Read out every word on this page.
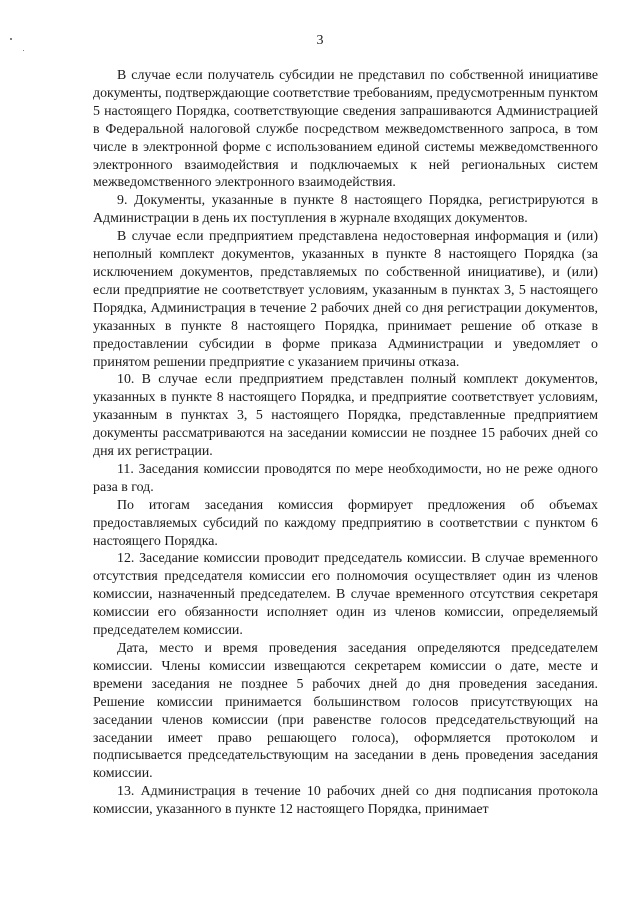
3

В случае если получатель субсидии не представил по собственной инициативе документы, подтверждающие соответствие требованиям, предусмотренным пунктом 5 настоящего Порядка, соответствующие сведения запрашиваются Администрацией в Федеральной налоговой службе посредством межведомственного запроса, в том числе в электронной форме с использованием единой системы межведомственного электронного взаимодействия и подключаемых к ней региональных систем межведомственного электронного взаимодействия.

9. Документы, указанные в пункте 8 настоящего Порядка, регистрируются в Администрации в день их поступления в журнале входящих документов.

В случае если предприятием представлена недостоверная информация и (или) неполный комплект документов, указанных в пункте 8 настоящего Порядка (за исключением документов, представляемых по собственной инициативе), и (или) если предприятие не соответствует условиям, указанным в пунктах 3, 5 настоящего Порядка, Администрация в течение 2 рабочих дней со дня регистрации документов, указанных в пункте 8 настоящего Порядка, принимает решение об отказе в предоставлении субсидии в форме приказа Администрации и уведомляет о принятом решении предприятие с указанием причины отказа.

10. В случае если предприятием представлен полный комплект документов, указанных в пункте 8 настоящего Порядка, и предприятие соответствует условиям, указанным в пунктах 3, 5 настоящего Порядка, представленные предприятием документы рассматриваются на заседании комиссии не позднее 15 рабочих дней со дня их регистрации.

11. Заседания комиссии проводятся по мере необходимости, но не реже одного раза в год.

По итогам заседания комиссия формирует предложения об объемах предоставляемых субсидий по каждому предприятию в соответствии с пунктом 6 настоящего Порядка.

12. Заседание комиссии проводит председатель комиссии. В случае временного отсутствия председателя комиссии его полномочия осуществляет один из членов комиссии, назначенный председателем. В случае временного отсутствия секретаря комиссии его обязанности исполняет один из членов комиссии, определяемый председателем комиссии.

Дата, место и время проведения заседания определяются председателем комиссии. Члены комиссии извещаются секретарем комиссии о дате, месте и времени заседания не позднее 5 рабочих дней до дня проведения заседания. Решение комиссии принимается большинством голосов присутствующих на заседании членов комиссии (при равенстве голосов председательствующий на заседании имеет право решающего голоса), оформляется протоколом и подписывается председательствующим на заседании в день проведения заседания комиссии.

13. Администрация в течение 10 рабочих дней со дня подписания протокола комиссии, указанного в пункте 12 настоящего Порядка, принимает
